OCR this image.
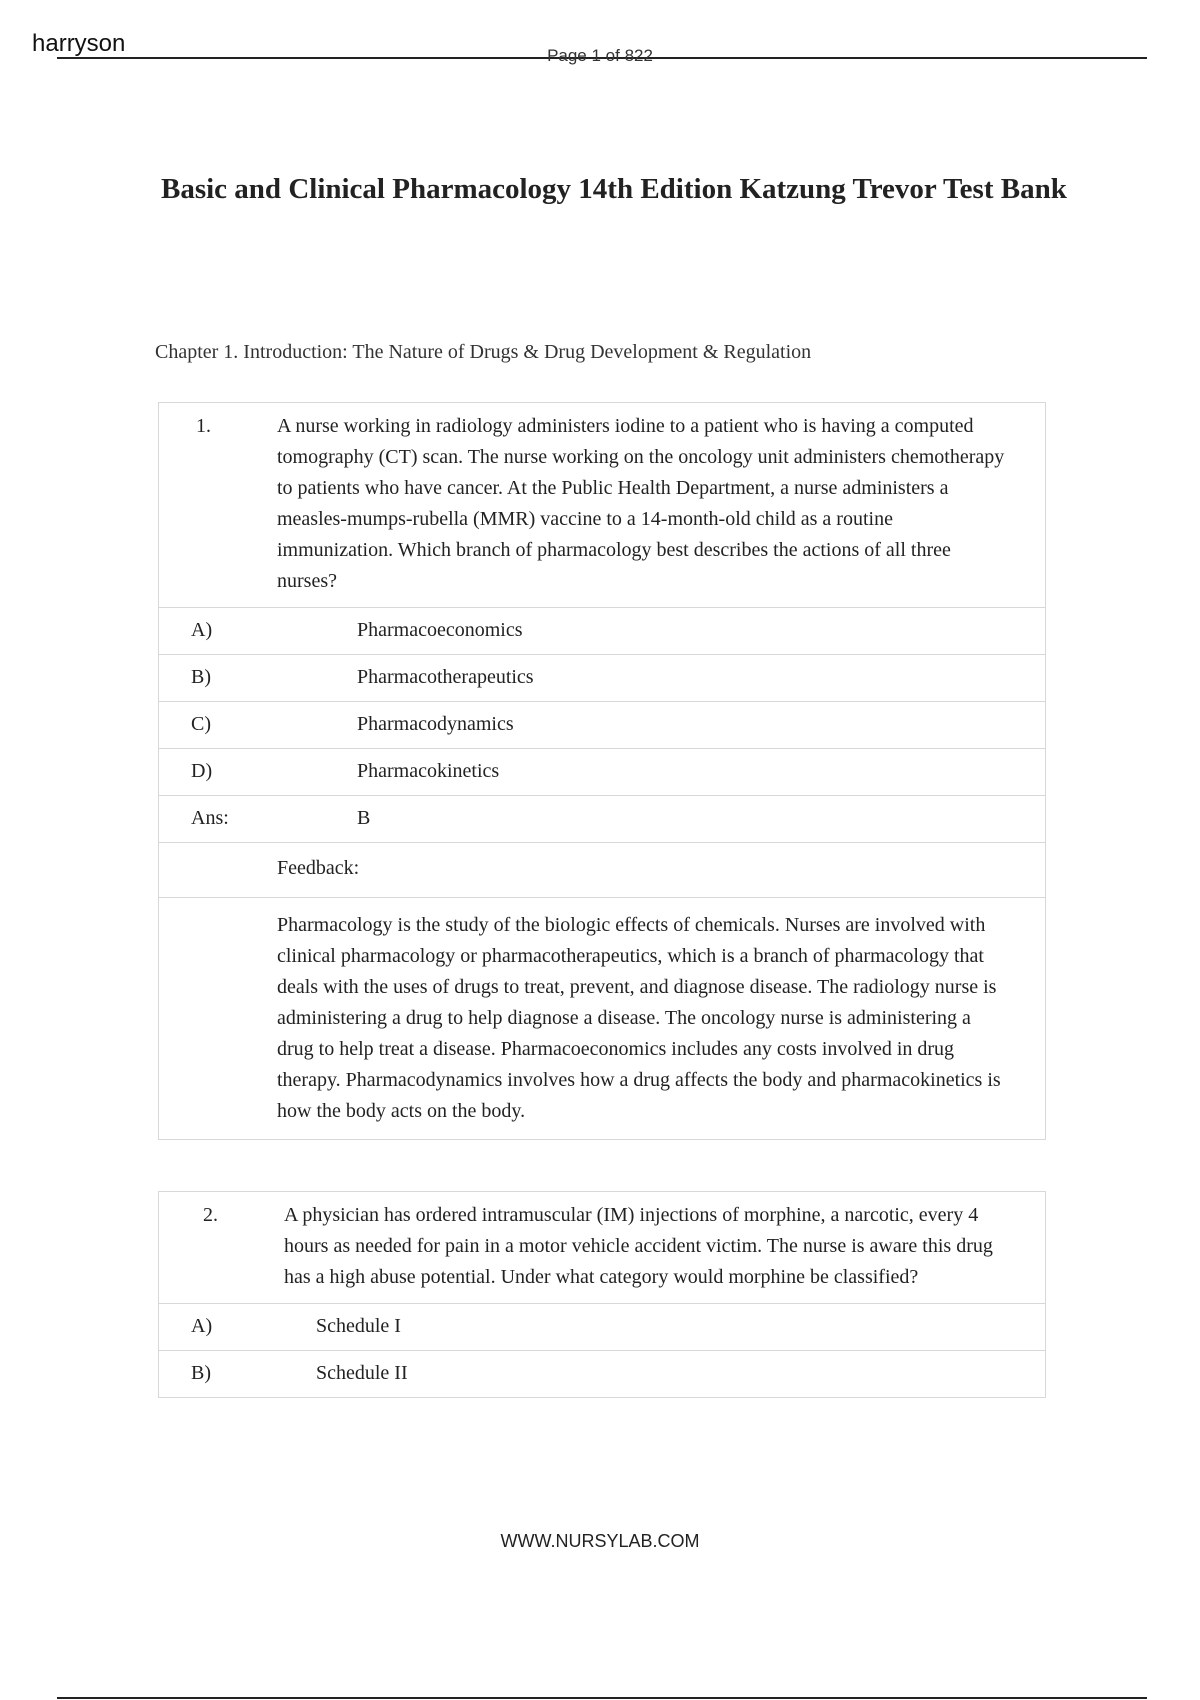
harryson	Page 1 of 822
Basic and Clinical Pharmacology 14th Edition Katzung Trevor Test Bank
Chapter 1. Introduction: The Nature of Drugs & Drug Development & Regulation
1.	A nurse working in radiology administers iodine to a patient who is having a computed tomography (CT) scan. The nurse working on the oncology unit administers chemotherapy to patients who have cancer. At the Public Health Department, a nurse administers a measles-mumps-rubella (MMR) vaccine to a 14-month-old child as a routine immunization. Which branch of pharmacology best describes the actions of all three nurses?
A)	Pharmacoeconomics
B)	Pharmacotherapeutics
C)	Pharmacodynamics
D)	Pharmacokinetics
Ans:	B
Feedback:
Pharmacology is the study of the biologic effects of chemicals. Nurses are involved with clinical pharmacology or pharmacotherapeutics, which is a branch of pharmacology that deals with the uses of drugs to treat, prevent, and diagnose disease. The radiology nurse is administering a drug to help diagnose a disease. The oncology nurse is administering a drug to help treat a disease. Pharmacoeconomics includes any costs involved in drug therapy. Pharmacodynamics involves how a drug affects the body and pharmacokinetics is how the body acts on the body.
2.	A physician has ordered intramuscular (IM) injections of morphine, a narcotic, every 4 hours as needed for pain in a motor vehicle accident victim. The nurse is aware this drug has a high abuse potential. Under what category would morphine be classified?
A)	Schedule I
B)	Schedule II
WWW.NURSYLAB.COM
